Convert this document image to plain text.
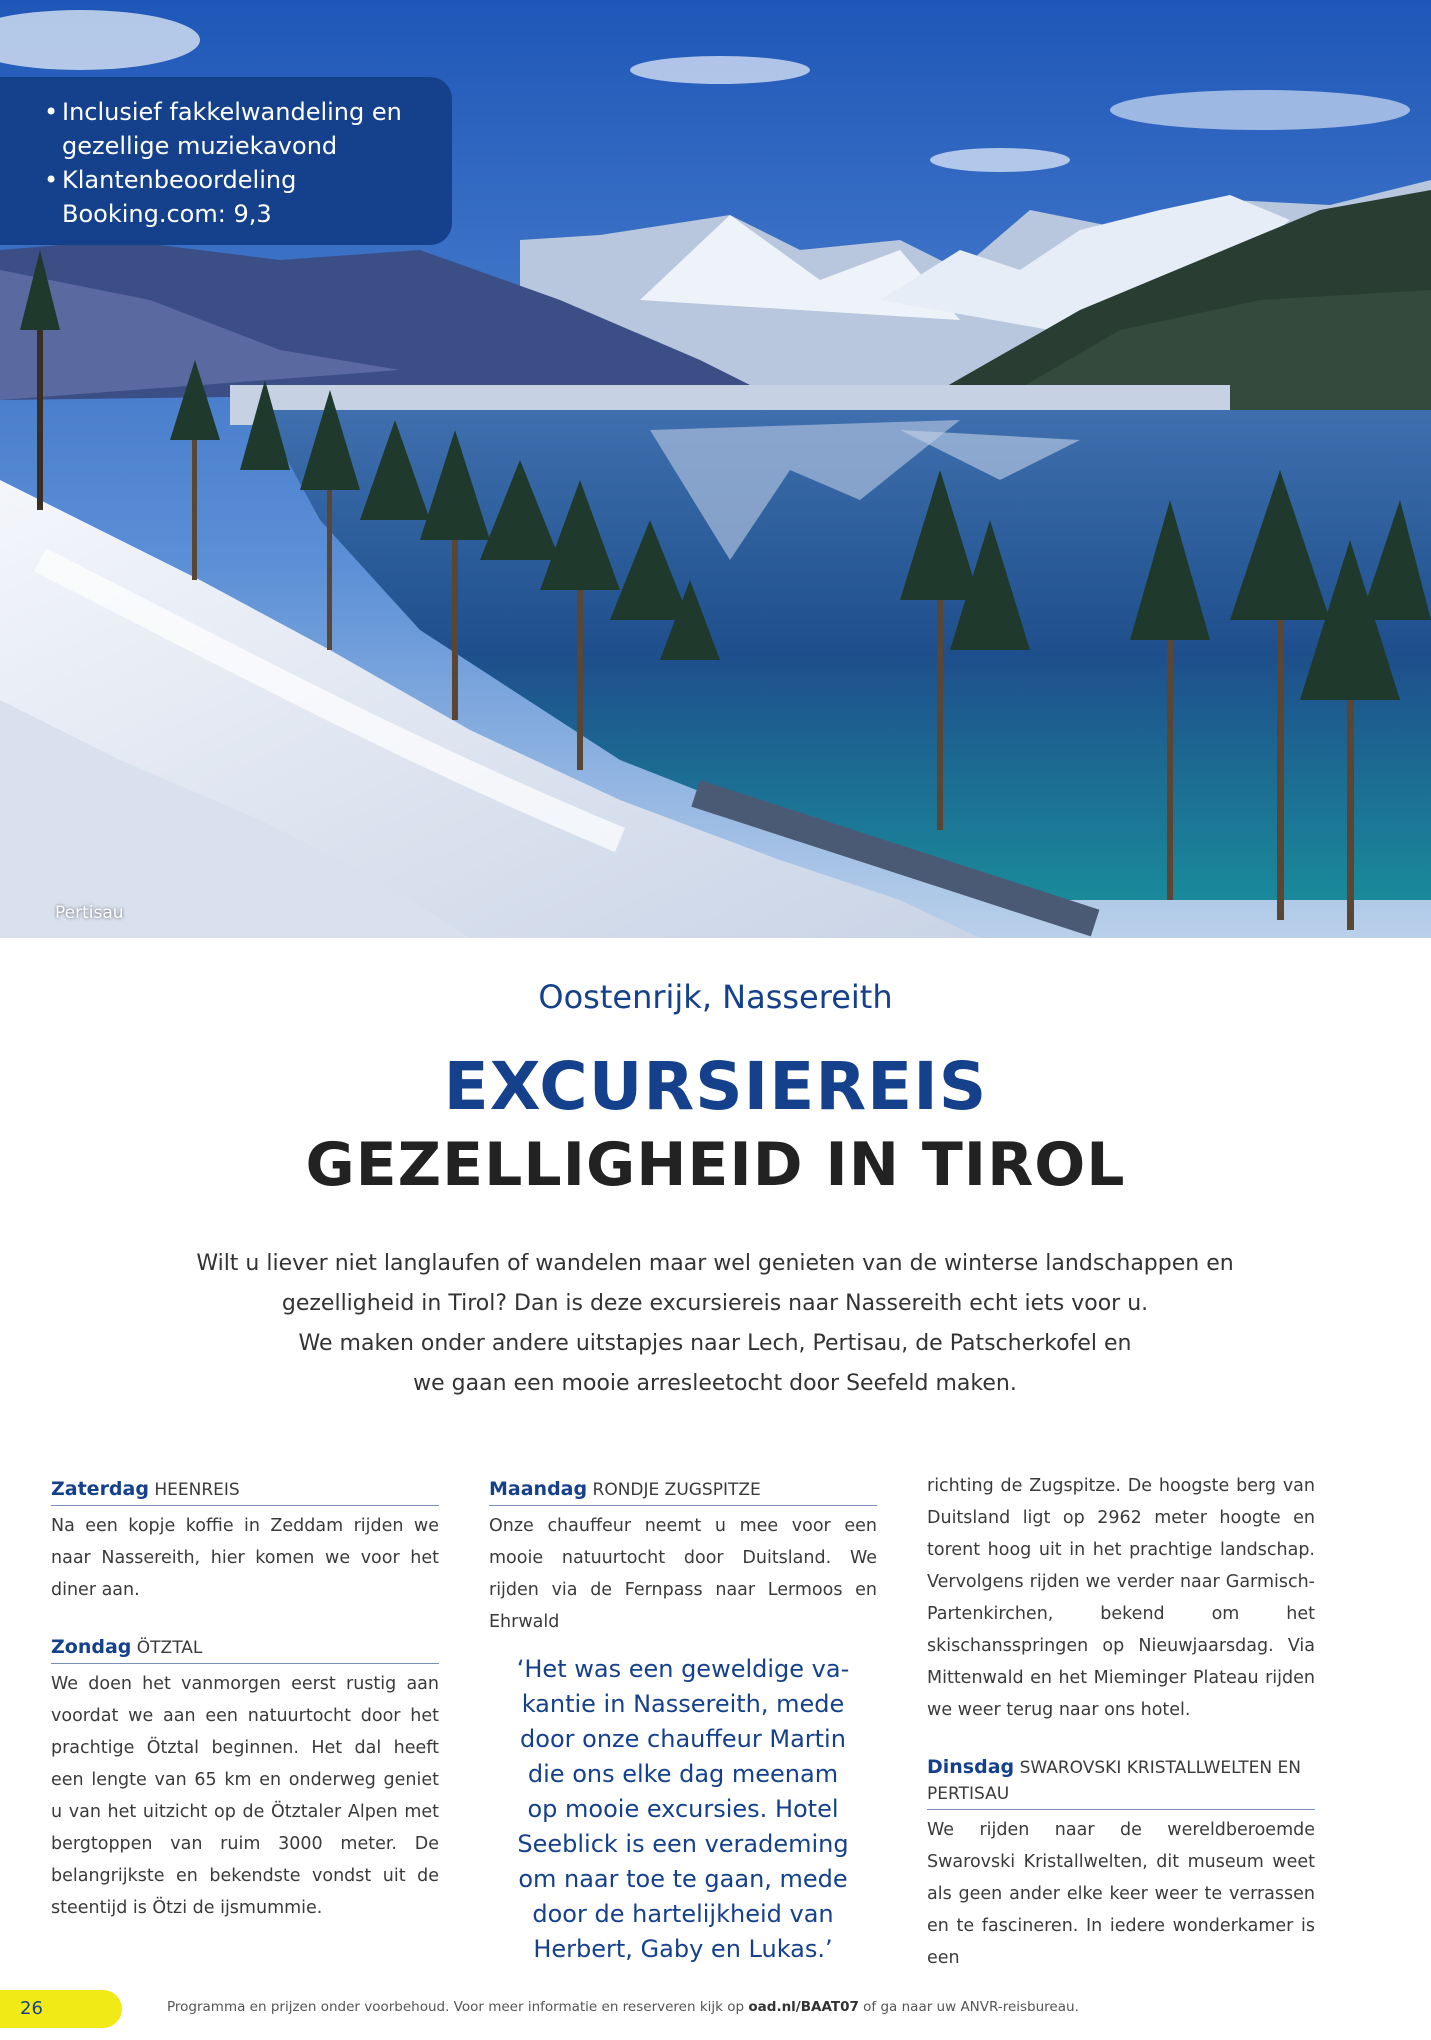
• Inclusief fakkelwandeling en gezellige muziekavond
• Klantenbeoordeling Booking.com: 9,3
Pertisau
Oostenrijk, Nassereith
EXCURSIEREIS
GEZELLIGHEID IN TIROL

Wilt u liever niet langlaufen of wandelen maar wel genieten van de winterse landschappen en

gezelligheid in Tirol? Dan is deze excursiereis naar Nassereith echt iets voor u.

We maken onder andere uitstapjes naar Lech, Pertisau, de Patscherkofel en

we gaan een mooie arresleetocht door Seefeld maken.

Zaterdag HEENREIS

Na een kopje koffie in Zeddam rijden we naar Nassereith, hier komen we voor het diner aan.

Zondag ÖTZTAL

We doen het vanmorgen eerst rustig aan voordat we aan een natuurtocht door het prachtige Ötztal beginnen. Het dal heeft een lengte van 65 km en onderweg geniet u van het uitzicht op de Ötztaler Alpen met bergtoppen van ruim 3000 meter. De belangrijkste en bekendste vondst uit de steentijd is Ötzi de ijsmummie.

Maandag RONDJE ZUGSPITZE

Onze chauffeur neemt u mee voor een mooie natuurtocht door Duitsland. We rijden via de Fernpass naar Lermoos en Ehrwald

‘Het was een geweldige va-
kantie in Nassereith, mede
door onze chauffeur Martin
die ons elke dag meenam
op mooie excursies. Hotel
Seeblick is een verademing
om naar toe te gaan, mede
door de hartelijkheid van
Herbert, Gaby en Lukas.’

richting de Zugspitze. De hoogste berg van Duitsland ligt op 2962 meter hoogte en torent hoog uit in het prachtige landschap. Vervolgens rijden we verder naar Garmisch-Partenkirchen, bekend om het skischansspringen op Nieuwjaarsdag. Via Mittenwald en het Mieminger Plateau rijden we weer terug naar ons hotel.

Dinsdag SWAROVSKI KRISTALLWELTEN EN PERTISAU

We rijden naar de wereldberoemde Swarovski Kristallwelten, dit museum weet als geen ander elke keer weer te verrassen en te fascineren. In iedere wonderkamer is een

26	Programma en prijzen onder voorbehoud. Voor meer informatie en reserveren kijk op oad.nl/BAAT07 of ga naar uw ANVR-reisbureau.
